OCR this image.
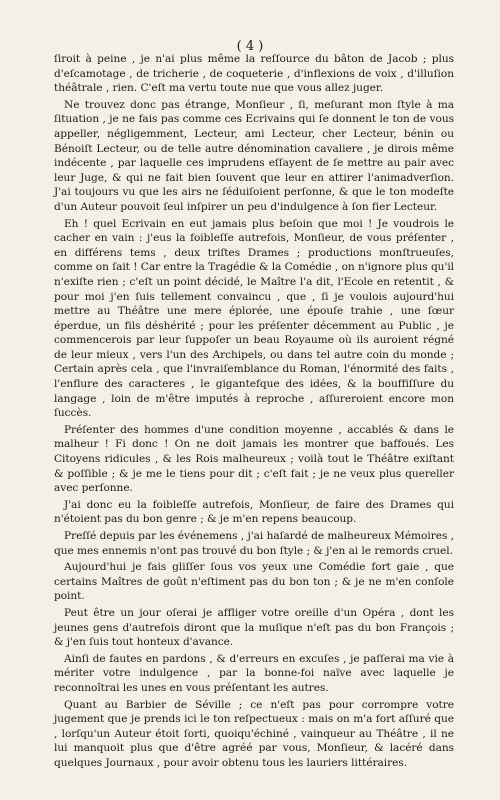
( 4 )

ſiroit à peine , je n'ai plus même la reſſource du bâton de Jacob ; plus d'eſcamotage , de tricherie , de coqueterie , d'inflexions de voix , d'illuſion théâtrale , rien. C'eſt ma vertu toute nue que vous allez juger.

Ne trouvez donc pas étrange, Monſieur , ſi, meſurant mon ſtyle à ma ſituation , je ne fais pas comme ces Ecrivains qui ſe donnent le ton de vous appeller, négligemment, Lecteur, ami Lecteur, cher Lecteur, bénin ou Bénoiſt Lecteur, ou de telle autre dénomination cavaliere , je dirois même indécente , par laquelle ces imprudens eſſayent de ſe mettre au pair avec leur Juge, & qui ne fait bien ſouvent que leur en attirer l'animadverſion. J'ai toujours vu que les airs ne ſéduiſoient perſonne, & que le ton modeſte d'un Auteur pouvoit ſeul inſpirer un peu d'indulgence à ſon fier Lecteur.

Eh ! quel Ecrivain en eut jamais plus beſoin que moi ! Je voudrois le cacher en vain : j'eus la foibleſſe autrefois, Monſieur, de vous préſenter , en différens tems , deux triſtes Drames ; productions monſtrueuſes, comme on ſait ! Car entre la Tragédie & la Comédie , on n'ignore plus qu'il n'exiſte rien ; c'eſt un point décidé, le Maître l'a dit, l'Ecole en retentit , & pour moi j'en ſuis tellement convaincu , que , ſi je voulois aujourd'hui mettre au Théâtre une mere éplorée, une épouſe trahie , une ſœur éperdue, un fils déshérité ; pour les préſenter décemment au Public , je commencerois par leur ſuppoſer un beau Royaume où ils auroient régné de leur mieux , vers l'un des Archipels, ou dans tel autre coin du monde ; Certain après cela , que l'invraiſemblance du Roman, l'énormité des faits , l'enflure des caracteres , le gigantefque des idées, & la bouffiſſure du langage , loin de m'être imputés à reproche , aſſureroient encore mon ſuccès.

Préſenter des hommes d'une condition moyenne , accablés & dans le malheur ! Fi donc ! On ne doit jamais les montrer que baffoués. Les Citoyens ridicules , & les Rois malheureux ; voilà tout le Théâtre exiſtant & poſſible ; & je me le tiens pour dit ; c'eſt fait ; je ne veux plus quereller avec perſonne.

J'ai donc eu la foibleſſe autrefois, Monſieur, de faire des Drames qui n'étoient pas du bon genre ; & je m'en repens beaucoup.

Preſſé depuis par les événemens , j'ai haſardé de malheureux Mémoires , que mes ennemis n'ont pas trouvé du bon ſtyle ; & j'en ai le remords cruel.

Aujourd'hui je fais gliſſer ſous vos yeux une Comédie fort gaie , que certains Maîtres de goût n'eſtiment pas du bon ton ; & je ne m'en conſole point.

Peut être un jour oſerai je affliger votre oreille d'un Opéra , dont les jeunes gens d'autrefois diront que la muſique n'eſt pas du bon François ; & j'en ſuis tout honteux d'avance.

Ainſi de fautes en pardons , & d'erreurs en excuſes , je paſſerai ma vie à mériter votre indulgence , par la bonne-foi naïve avec laquelle je reconnoîtrai les unes en vous préſentant les autres.

Quant au Barbier de Séville ; ce n'eſt pas pour corrompre votre jugement que je prends ici le ton reſpectueux : mais on m'a fort aſſuré que , lorſqu'un Auteur étoit ſorti, quoiqu'échiné , vainqueur au Théâtre , il ne lui manquoit plus que d'être agréé par vous, Monſieur, & lacéré dans quelques Journaux , pour avoir obtenu tous les lauriers littéraires.
